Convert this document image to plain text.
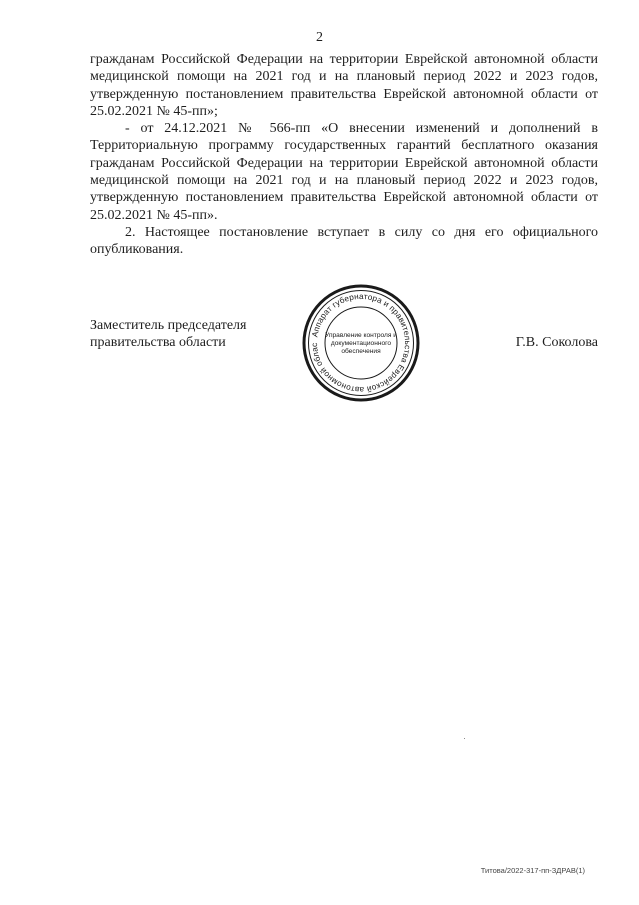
2

гражданам Российской Федерации на территории Еврейской автономной области медицинской помощи на 2021 год и на плановый период 2022 и 2023 годов, утвержденную постановлением правительства Еврейской автономной области от 25.02.2021 № 45-пп»;

- от 24.12.2021 № 566-пп «О внесении изменений и дополнений в Территориальную программу государственных гарантий бесплатного оказания гражданам Российской Федерации на территории Еврейской автономной области медицинской помощи на 2021 год и на плановый период 2022 и 2023 годов, утвержденную постановлением правительства Еврейской автономной области от 25.02.2021 № 45-пп».

2. Настоящее постановление вступает в силу со дня его официального опубликования.

Заместитель председателя
правительства области
Аппарат губернатора и правительства Еврейской автономной облас
Управление контроля и
документационного
обеспечения
Г.В. Соколова
Титова/2022-317-пп-ЗДРАВ(1)
